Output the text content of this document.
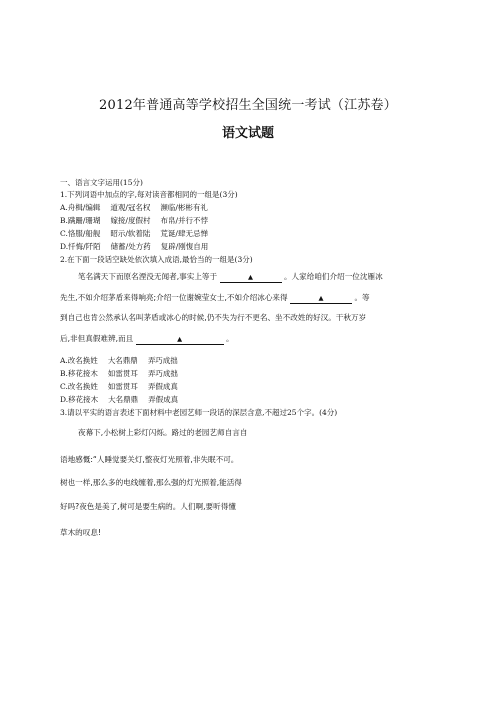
2012年普通高等学校招生全国统一考试（江苏卷）
语文试题
一、语言文字运用(15分)
1.下列词语中加点的字,每对读音都相同的一组是(3分)
A.舟楫/编辑 道观/冠名权 濒临/彬彬有礼
B.蹒跚/珊瑚 嫁接/度假村 布帛/并行不悖
C.恪服/船舰 昭示/软着陆 荒诞/肆无忌惮
D.忏悔/阡陌 储蓄/处方药 复辟/刚愎自用
2.在下面一段话空缺处依次填入成语,最恰当的一组是(3分)
笔名满天下而原名湮没无闻者,事实上等于	▲	。人家给咱们介绍一位沈雁冰
先生,不如介绍茅盾来得响亮;介绍一位谢婉莹女士,不如介绍冰心来得	▲	。等
到自己也肯公然承认名叫茅盾或冰心的时候,仍不失为行不更名、坐不改姓的好汉。干秋万岁
后,非但真假难辨,而且	▲	。
A.改名换姓 大名鼎鼎 弄巧成拙
B.移花接木 如雷贯耳 弄巧成拙
C.改名换姓 如雷贯耳 弄假成真
D.移花接木 大名鼎鼎 弄假成真
3.请以平实的语言表述下面材料中老园艺师一段话的深层含意,不超过25个字。(4分)
夜幕下,小松树上彩灯闪烁。路过的老园艺师自言自
语地感慨:“人睡觉要关灯,整夜灯光照着,非失眠不可。
树也一样,那么多的电线缠着,那么强的灯光照着,能活得
好吗?夜色是美了,树可是要生病的。人们啊,要听得懂
草木的叹息!
